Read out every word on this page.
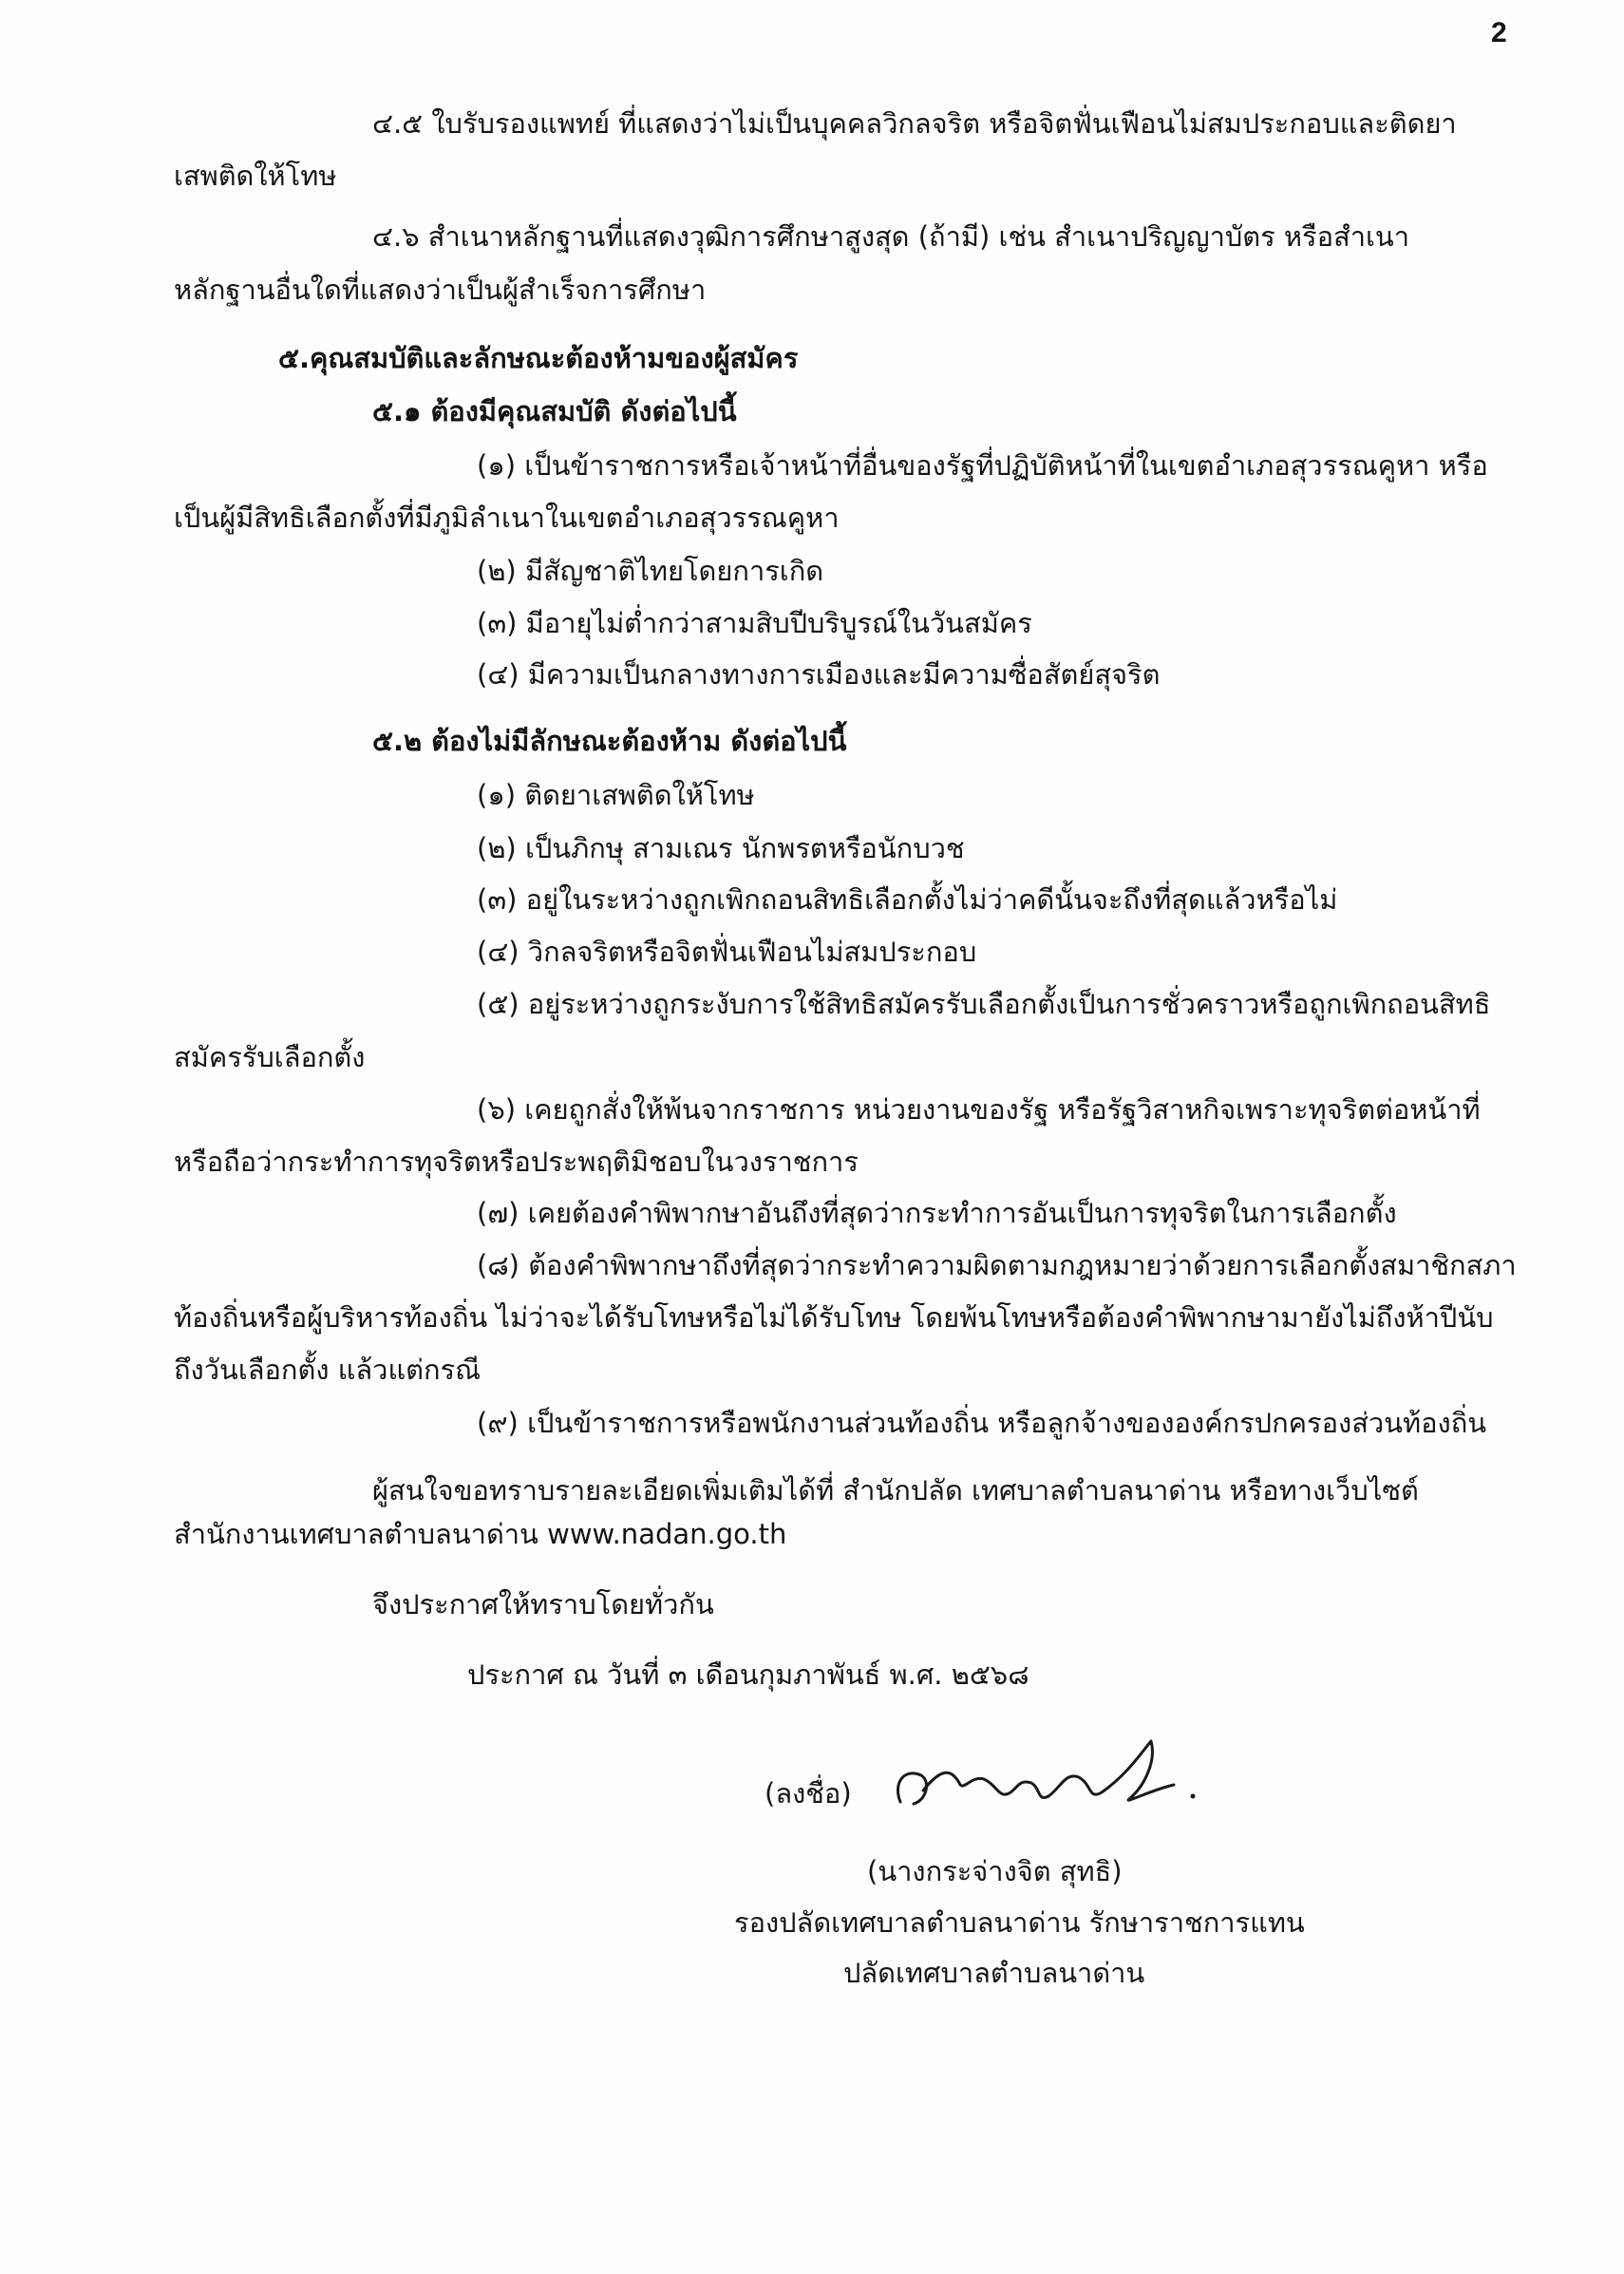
2
๔.๕ ใบรับรองแพทย์ ที่แสดงว่าไม่เป็นบุคคลวิกลจริต หรือจิตฟั่นเฟือนไม่สมประกอบและติดยา
เสพติดให้โทษ
๔.๖ สำเนาหลักฐานที่แสดงวุฒิการศึกษาสูงสุด (ถ้ามี) เช่น สำเนาปริญญาบัตร หรือสำเนา
หลักฐานอื่นใดที่แสดงว่าเป็นผู้สำเร็จการศึกษา
๕.คุณสมบัติและลักษณะต้องห้ามของผู้สมัคร
๕.๑ ต้องมีคุณสมบัติ ดังต่อไปนี้
(๑) เป็นข้าราชการหรือเจ้าหน้าที่อื่นของรัฐที่ปฏิบัติหน้าที่ในเขตอำเภอสุวรรณคูหา หรือ
เป็นผู้มีสิทธิเลือกตั้งที่มีภูมิลำเนาในเขตอำเภอสุวรรณคูหา
(๒) มีสัญชาติไทยโดยการเกิด
(๓) มีอายุไม่ต่ำกว่าสามสิบปีบริบูรณ์ในวันสมัคร
(๔) มีความเป็นกลางทางการเมืองและมีความซื่อสัตย์สุจริต
๕.๒ ต้องไม่มีลักษณะต้องห้าม ดังต่อไปนี้
(๑) ติดยาเสพติดให้โทษ
(๒) เป็นภิกษุ สามเณร นักพรตหรือนักบวช
(๓) อยู่ในระหว่างถูกเพิกถอนสิทธิเลือกตั้งไม่ว่าคดีนั้นจะถึงที่สุดแล้วหรือไม่
(๔) วิกลจริตหรือจิตฟั่นเฟือนไม่สมประกอบ
(๕) อยู่ระหว่างถูกระงับการใช้สิทธิสมัครรับเลือกตั้งเป็นการชั่วคราวหรือถูกเพิกถอนสิทธิ
สมัครรับเลือกตั้ง
(๖) เคยถูกสั่งให้พ้นจากราชการ หน่วยงานของรัฐ หรือรัฐวิสาหกิจเพราะทุจริตต่อหน้าที่
หรือถือว่ากระทำการทุจริตหรือประพฤติมิชอบในวงราชการ
(๗) เคยต้องคำพิพากษาอันถึงที่สุดว่ากระทำการอันเป็นการทุจริตในการเลือกตั้ง
(๘) ต้องคำพิพากษาถึงที่สุดว่ากระทำความผิดตามกฎหมายว่าด้วยการเลือกตั้งสมาชิกสภา
ท้องถิ่นหรือผู้บริหารท้องถิ่น ไม่ว่าจะได้รับโทษหรือไม่ได้รับโทษ โดยพ้นโทษหรือต้องคำพิพากษามายังไม่ถึงห้าปีนับ
ถึงวันเลือกตั้ง แล้วแต่กรณี
(๙) เป็นข้าราชการหรือพนักงานส่วนท้องถิ่น หรือลูกจ้างขององค์กรปกครองส่วนท้องถิ่น
ผู้สนใจขอทราบรายละเอียดเพิ่มเติมได้ที่ สำนักปลัด เทศบาลตำบลนาด่าน หรือทางเว็บไซต์
สำนักงานเทศบาลตำบลนาด่าน www.nadan.go.th
จึงประกาศให้ทราบโดยทั่วกัน
ประกาศ ณ วันที่ ๓ เดือนกุมภาพันธ์ พ.ศ. ๒๕๖๘
(ลงชื่อ)
(นางกระจ่างจิต สุทธิ)
รองปลัดเทศบาลตำบลนาด่าน รักษาราชการแทน
ปลัดเทศบาลตำบลนาด่าน
